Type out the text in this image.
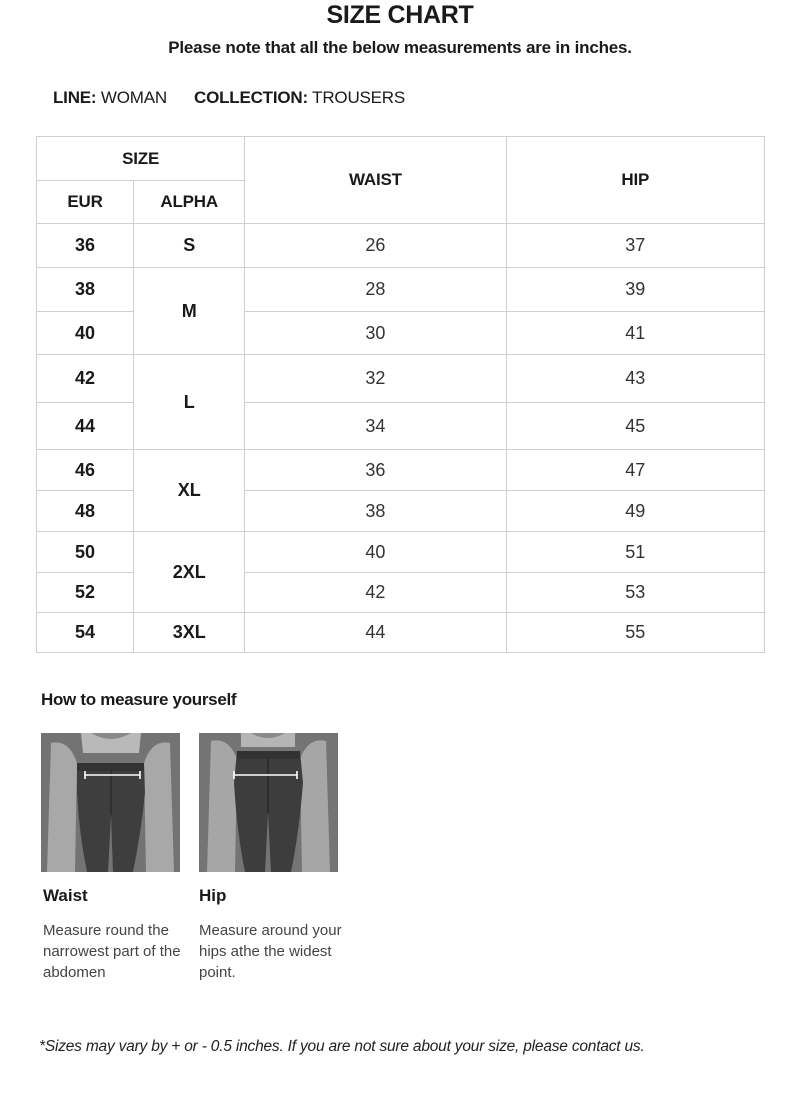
SIZE CHART
Please note that all the below measurements are in inches.
LINE: WOMAN COLLECTION: TROUSERS
SIZE		WAIST	HIP
EUR	ALPHA		
36	S	26	37
38	M	28	39
40		30	41
42	L	32	43
44		34	45
46	XL	36	47
48		38	49
50	2XL	40	51
52		42	53
54	3XL	44	55
How to measure yourself
Waist
Measure round the narrowest part of the abdomen
Hip
Measure around your hips athe the widest point.
*Sizes may vary by + or - 0.5 inches. If you are not sure about your size, please contact us.
